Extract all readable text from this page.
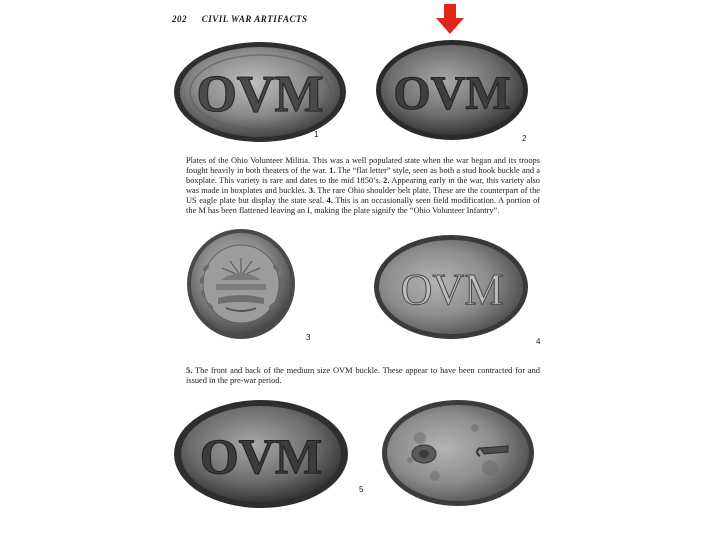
202 CIVIL WAR ARTIFACTS
OVM
1
OVM
2
Plates of the Ohio Volunteer Militia. This was a well populated state when the war began and its troops fought heavily in both theaters of the war. 1. The “flat letter” style, seen as both a stud hook buckle and a boxplate. This variety is rare and dates to the mid 1850’s. 2. Appearing early in the war, this variety also was made in boxplates and buckles. 3. The rare Ohio shoulder belt plate. These are the counterpart of the US eagle plate but display the state seal. 4. This is an occasionally seen field modification. A portion of the M has been flattened leaving an I, making the plate signify the “Ohio Volunteer Infantry”.
3
OVM
4
5. The front and back of the medium size OVM buckle. These appear to have been contracted for and issued in the pre-war period.
OVM
5
